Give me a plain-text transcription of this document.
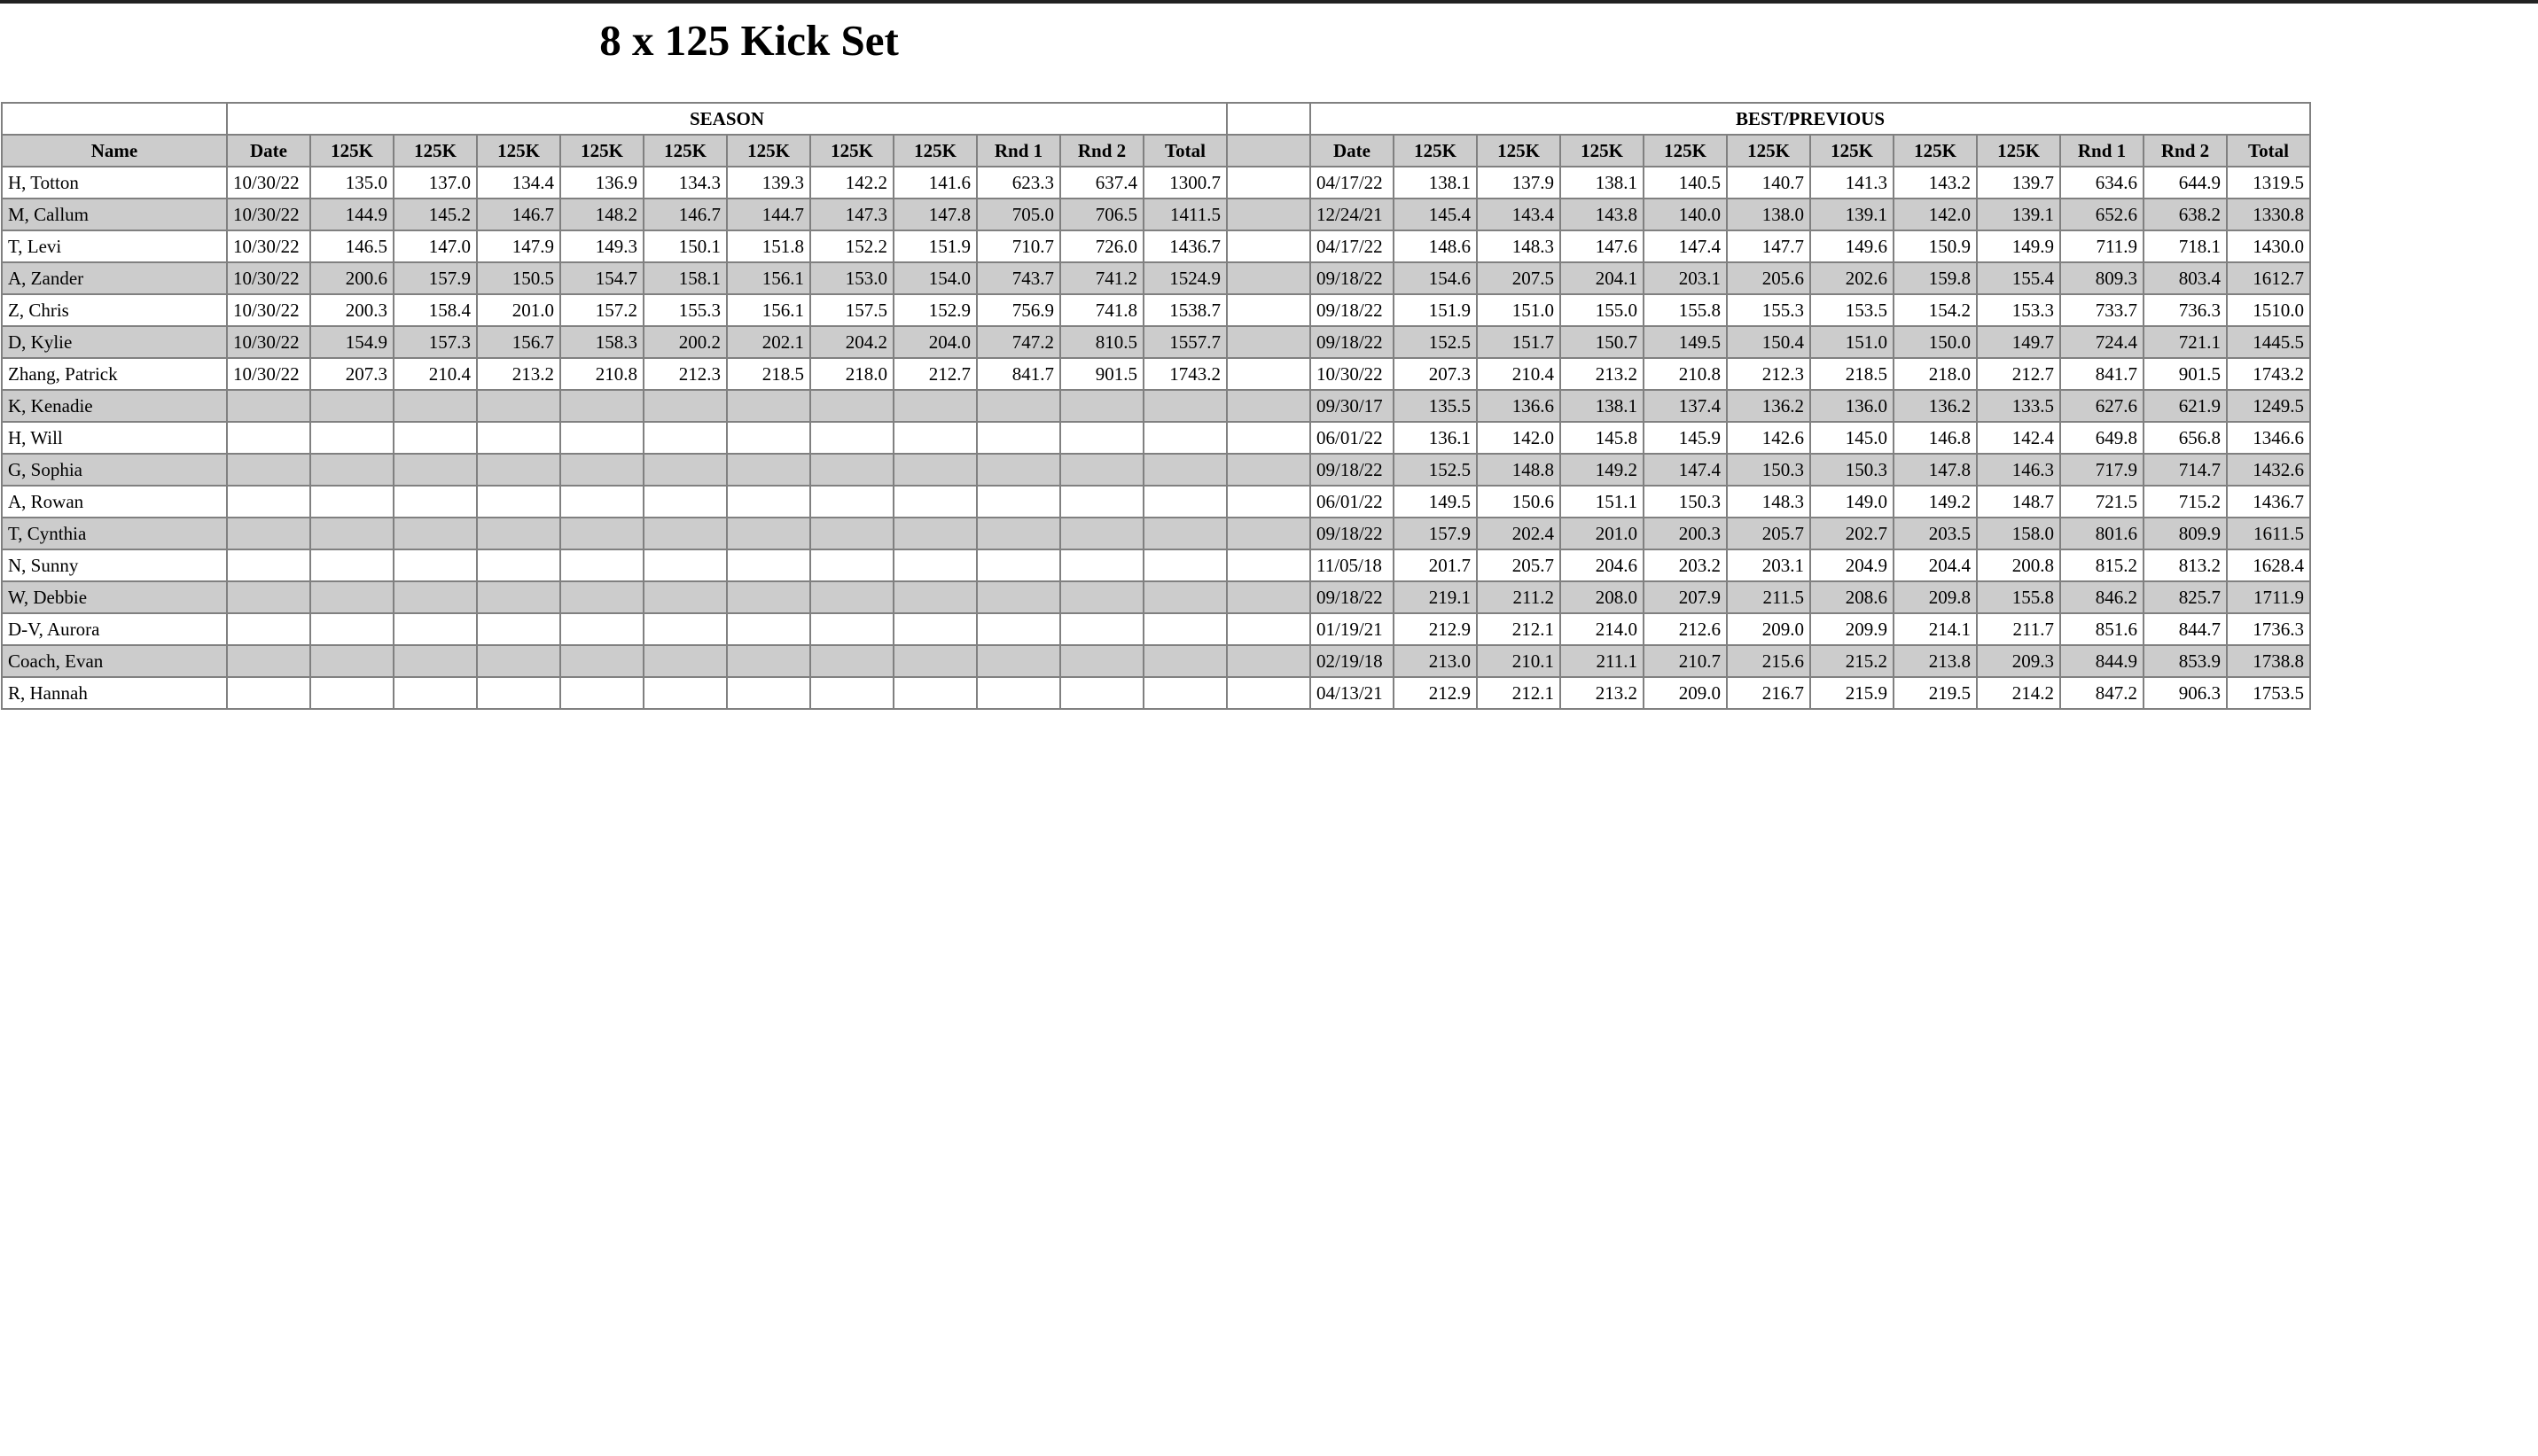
8 x 125 Kick Set
	SEASON													BEST/PREVIOUS											
Name	Date	125K	125K	125K	125K	125K	125K	125K	125K	Rnd 1	Rnd 2	Total		Date	125K	125K	125K	125K	125K	125K	125K	125K	Rnd 1	Rnd 2	Total
H, Totton	10/30/22	135.0	137.0	134.4	136.9	134.3	139.3	142.2	141.6	623.3	637.4	1300.7		04/17/22	138.1	137.9	138.1	140.5	140.7	141.3	143.2	139.7	634.6	644.9	1319.5
M, Callum	10/30/22	144.9	145.2	146.7	148.2	146.7	144.7	147.3	147.8	705.0	706.5	1411.5		12/24/21	145.4	143.4	143.8	140.0	138.0	139.1	142.0	139.1	652.6	638.2	1330.8
T, Levi	10/30/22	146.5	147.0	147.9	149.3	150.1	151.8	152.2	151.9	710.7	726.0	1436.7		04/17/22	148.6	148.3	147.6	147.4	147.7	149.6	150.9	149.9	711.9	718.1	1430.0
A, Zander	10/30/22	200.6	157.9	150.5	154.7	158.1	156.1	153.0	154.0	743.7	741.2	1524.9		09/18/22	154.6	207.5	204.1	203.1	205.6	202.6	159.8	155.4	809.3	803.4	1612.7
Z, Chris	10/30/22	200.3	158.4	201.0	157.2	155.3	156.1	157.5	152.9	756.9	741.8	1538.7		09/18/22	151.9	151.0	155.0	155.8	155.3	153.5	154.2	153.3	733.7	736.3	1510.0
D, Kylie	10/30/22	154.9	157.3	156.7	158.3	200.2	202.1	204.2	204.0	747.2	810.5	1557.7		09/18/22	152.5	151.7	150.7	149.5	150.4	151.0	150.0	149.7	724.4	721.1	1445.5
Zhang, Patrick	10/30/22	207.3	210.4	213.2	210.8	212.3	218.5	218.0	212.7	841.7	901.5	1743.2		10/30/22	207.3	210.4	213.2	210.8	212.3	218.5	218.0	212.7	841.7	901.5	1743.2
K, Kenadie														09/30/17	135.5	136.6	138.1	137.4	136.2	136.0	136.2	133.5	627.6	621.9	1249.5
H, Will														06/01/22	136.1	142.0	145.8	145.9	142.6	145.0	146.8	142.4	649.8	656.8	1346.6
G, Sophia														09/18/22	152.5	148.8	149.2	147.4	150.3	150.3	147.8	146.3	717.9	714.7	1432.6
A, Rowan														06/01/22	149.5	150.6	151.1	150.3	148.3	149.0	149.2	148.7	721.5	715.2	1436.7
T, Cynthia														09/18/22	157.9	202.4	201.0	200.3	205.7	202.7	203.5	158.0	801.6	809.9	1611.5
N, Sunny														11/05/18	201.7	205.7	204.6	203.2	203.1	204.9	204.4	200.8	815.2	813.2	1628.4
W, Debbie														09/18/22	219.1	211.2	208.0	207.9	211.5	208.6	209.8	155.8	846.2	825.7	1711.9
D-V, Aurora														01/19/21	212.9	212.1	214.0	212.6	209.0	209.9	214.1	211.7	851.6	844.7	1736.3
Coach, Evan														02/19/18	213.0	210.1	211.1	210.7	215.6	215.2	213.8	209.3	844.9	853.9	1738.8
R, Hannah														04/13/21	212.9	212.1	213.2	209.0	216.7	215.9	219.5	214.2	847.2	906.3	1753.5
